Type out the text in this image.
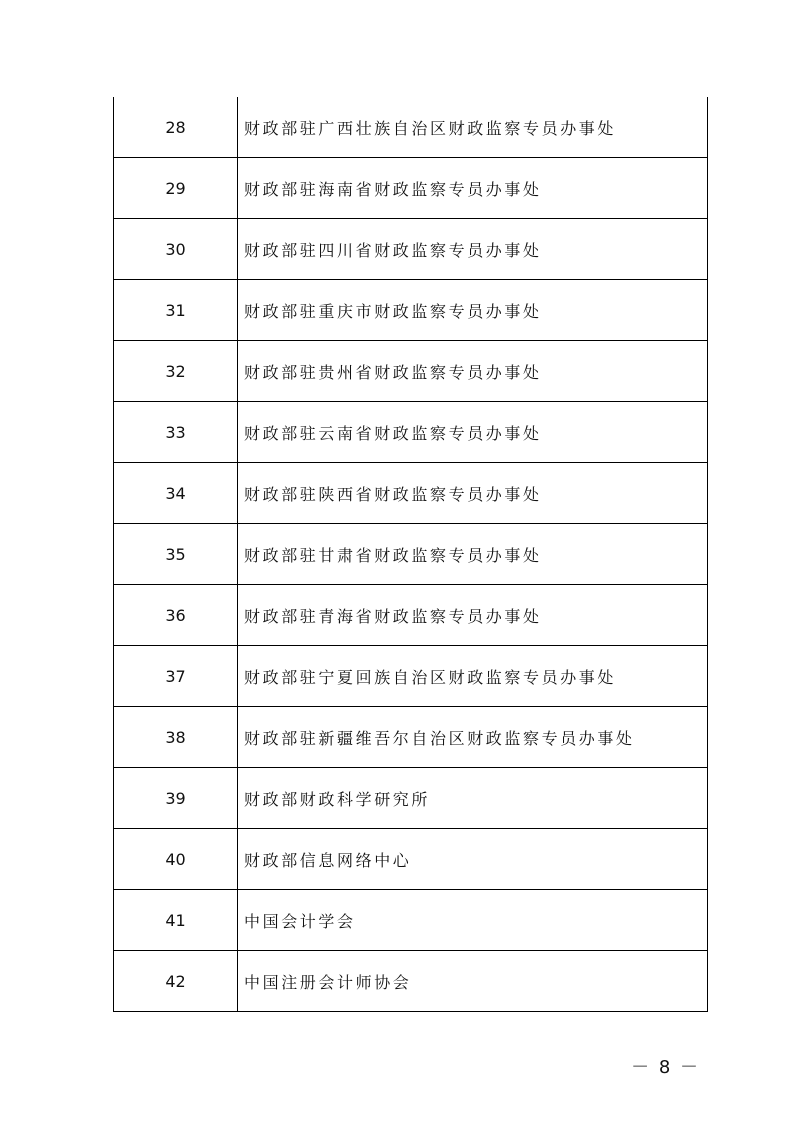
28	财政部驻广西壮族自治区财政监察专员办事处
29	财政部驻海南省财政监察专员办事处
30	财政部驻四川省财政监察专员办事处
31	财政部驻重庆市财政监察专员办事处
32	财政部驻贵州省财政监察专员办事处
33	财政部驻云南省财政监察专员办事处
34	财政部驻陕西省财政监察专员办事处
35	财政部驻甘肃省财政监察专员办事处
36	财政部驻青海省财政监察专员办事处
37	财政部驻宁夏回族自治区财政监察专员办事处
38	财政部驻新疆维吾尔自治区财政监察专员办事处
39	财政部财政科学研究所
40	财政部信息网络中心
41	中国会计学会
42	中国注册会计师协会
－ 8 －
